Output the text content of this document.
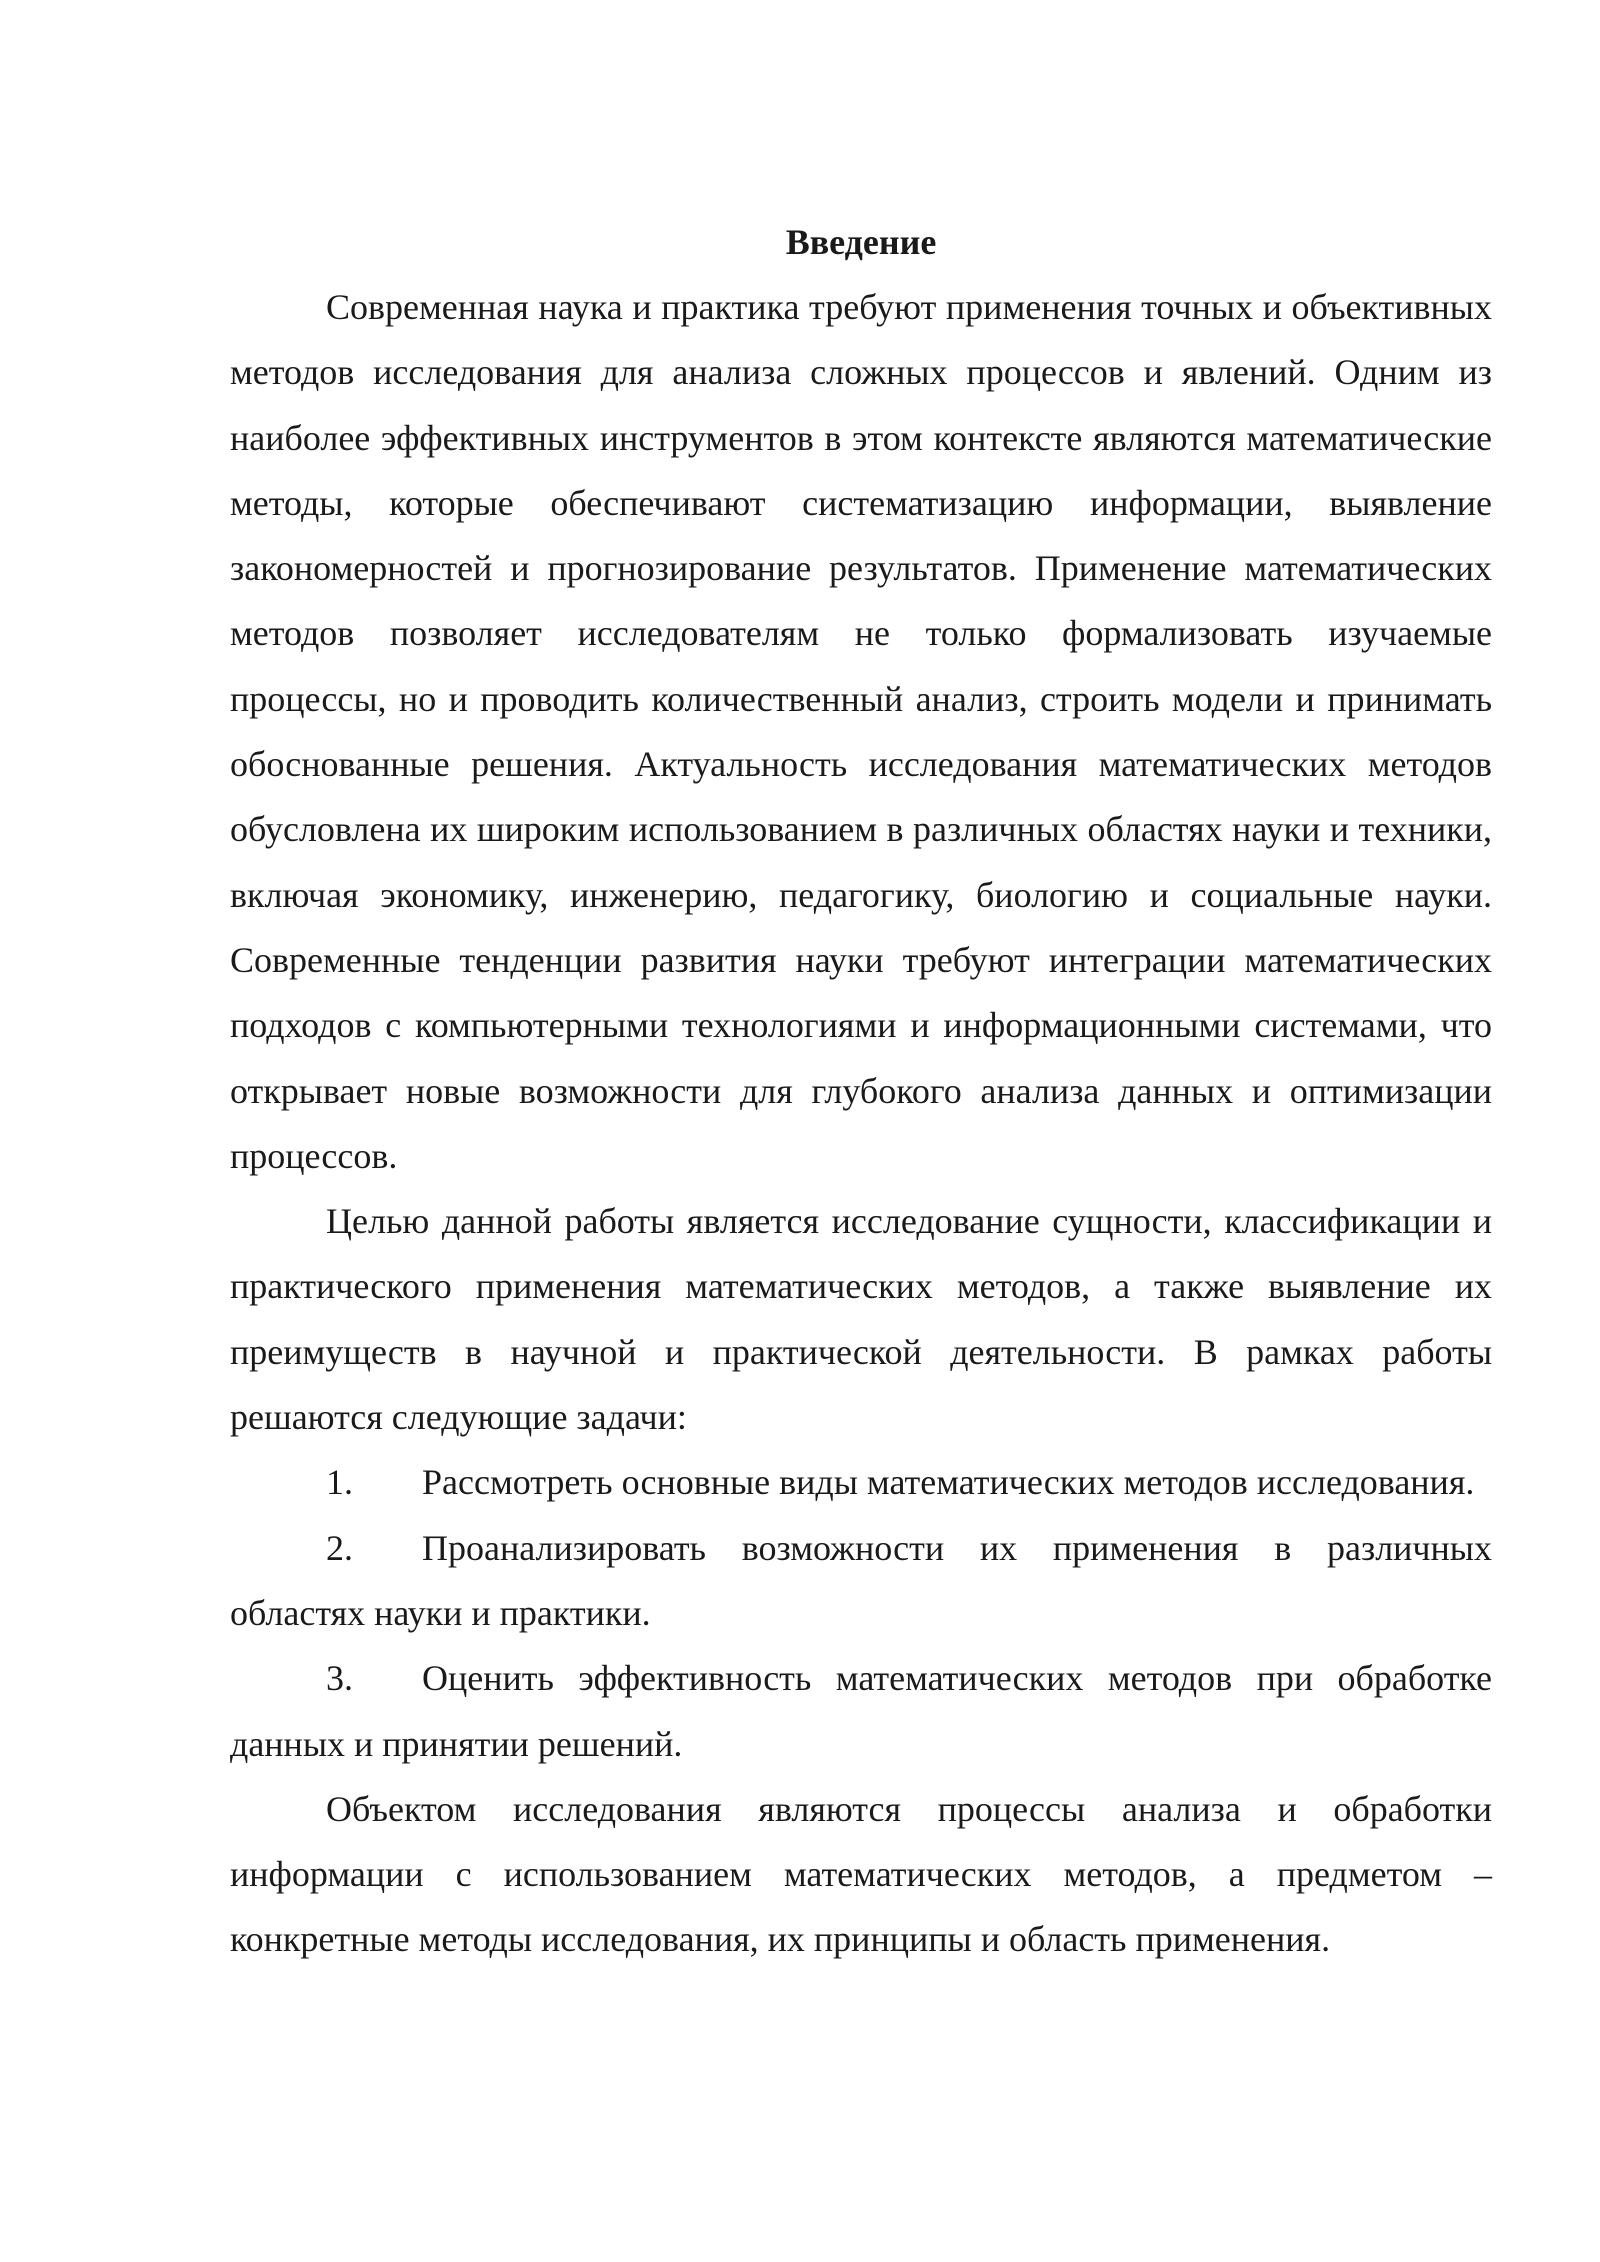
Введение

Современная наука и практика требуют применения точных и объективных методов исследования для анализа сложных процессов и явлений. Одним из наиболее эффективных инструментов в этом контексте являются математические методы, которые обеспечивают систематизацию информации, выявление закономерностей и прогнозирование результатов. Применение математических методов позволяет исследователям не только формализовать изучаемые процессы, но и проводить количественный анализ, строить модели и принимать обоснованные решения. Актуальность исследования математических методов обусловлена их широким использованием в различных областях науки и техники, включая экономику, инженерию, педагогику, биологию и социальные науки. Современные тенденции развития науки требуют интеграции математических подходов с компьютерными технологиями и информационными системами, что открывает новые возможности для глубокого анализа данных и оптимизации процессов.

Целью данной работы является исследование сущности, классификации и практического применения математических методов, а также выявление их преимуществ в научной и практической деятельности. В рамках работы решаются следующие задачи:

1. Рассмотреть основные виды математических методов исследования.

2. Проанализировать возможности их применения в различных областях науки и практики.

3. Оценить эффективность математических методов при обработке данных и принятии решений.

Объектом исследования являются процессы анализа и обработки информации с использованием математических методов, а предметом – конкретные методы исследования, их принципы и область применения.
